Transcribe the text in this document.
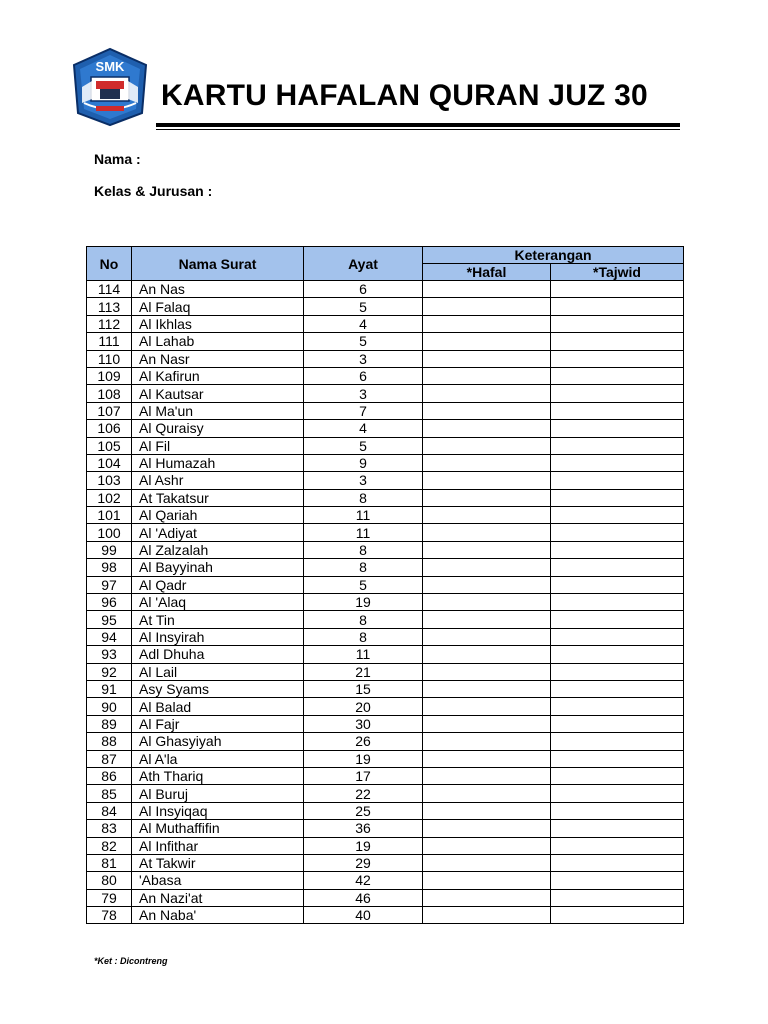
SMK
KARTU HAFALAN QURAN JUZ 30
Nama :
Kelas & Jurusan :
No	Nama Surat	Ayat	Keterangan	
			*Hafal	*Tajwid
114	An Nas	6		
113	Al Falaq	5		
112	Al Ikhlas	4		
111	Al Lahab	5		
110	An Nasr	3		
109	Al Kafirun	6		
108	Al Kautsar	3		
107	Al Ma'un	7		
106	Al Quraisy	4		
105	Al Fil	5		
104	Al Humazah	9		
103	Al Ashr	3		
102	At Takatsur	8		
101	Al Qariah	11		
100	Al 'Adiyat	11		
99	Al Zalzalah	8		
98	Al Bayyinah	8		
97	Al Qadr	5		
96	Al 'Alaq	19		
95	At Tin	8		
94	Al Insyirah	8		
93	Adl Dhuha	11		
92	Al Lail	21		
91	Asy Syams	15		
90	Al Balad	20		
89	Al Fajr	30		
88	Al Ghasyiyah	26		
87	Al A'la	19		
86	Ath Thariq	17		
85	Al Buruj	22		
84	Al Insyiqaq	25		
83	Al Muthaffifin	36		
82	Al Infithar	19		
81	At Takwir	29		
80	'Abasa	42		
79	An Nazi'at	46		
78	An Naba'	40		
*Ket : Dicontreng
